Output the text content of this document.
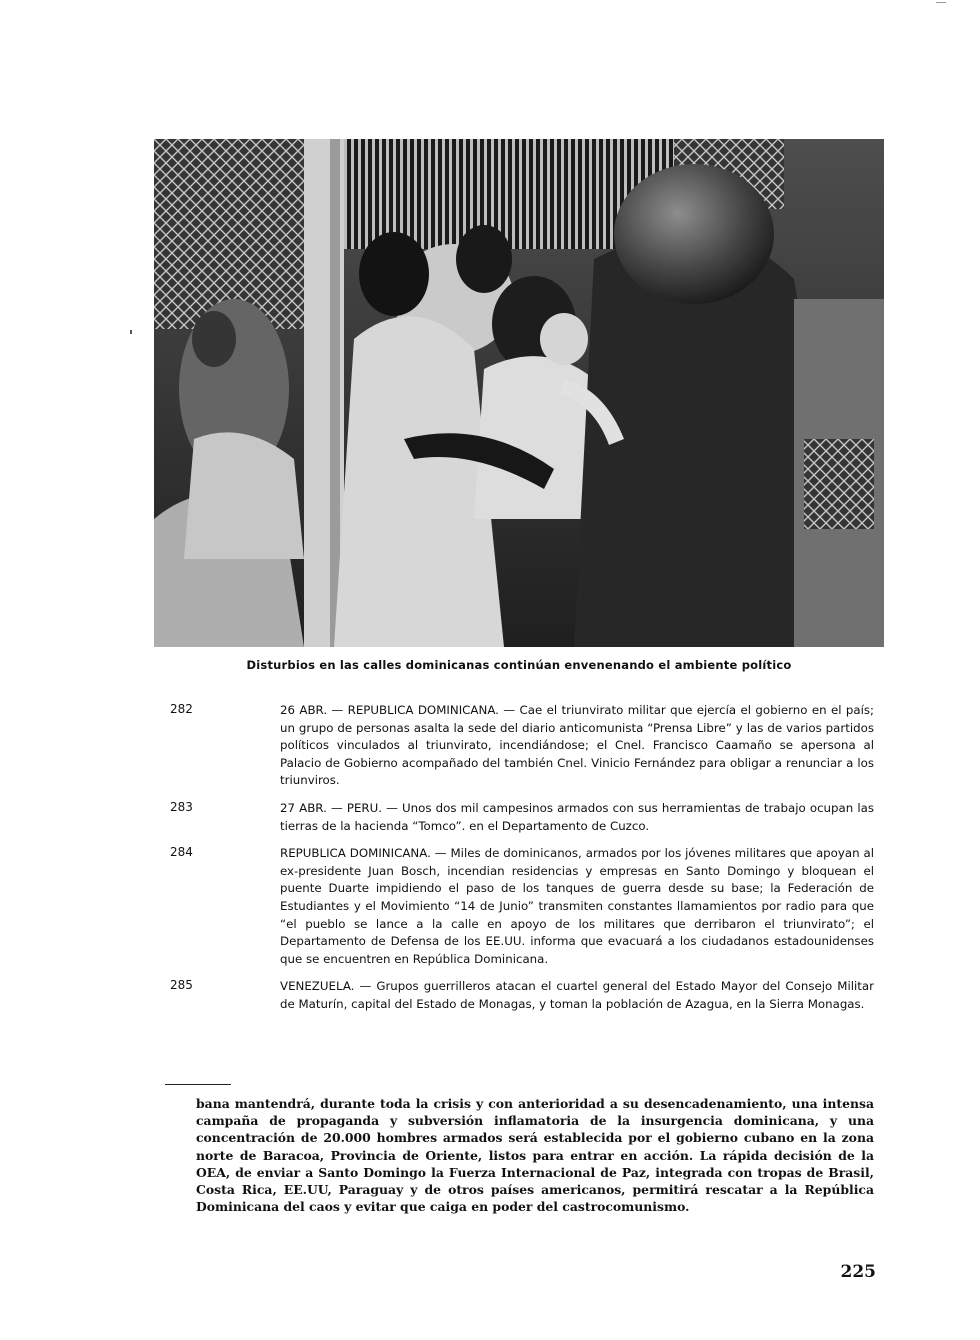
Disturbios en las calles dominicanas continúan envenenando el ambiente político
282	26 ABR. — REPUBLICA DOMINICANA. — Cae el triunvirato militar que ejercía el gobierno en el país; un grupo de personas asalta la sede del diario anticomunista “Prensa Libre” y las de varios partidos políticos vinculados al triunvirato, incendiándose; el Cnel. Francisco Caamaño se apersona al Palacio de Gobierno acompañado del también Cnel. Vinicio Fernández para obligar a renunciar a los triunviros.
283	27 ABR. — PERU. — Unos dos mil campesinos armados con sus herramientas de trabajo ocupan las tierras de la hacienda “Tomco”. en el Departamento de Cuzco.
284	REPUBLICA DOMINICANA. — Miles de dominicanos, armados por los jóvenes militares que apoyan al ex-presidente Juan Bosch, incendian residencias y empresas en Santo Domingo y bloquean el puente Duarte impidiendo el paso de los tanques de guerra desde su base; la Federación de Estudiantes y el Movimiento “14 de Junio” transmiten constantes llamamientos por radio para que “el pueblo se lance a la calle en apoyo de los militares que derribaron el triunvirato”; el Departamento de Defensa de los EE.UU. informa que evacuará a los ciudadanos estadounidenses que se encuentren en República Dominicana.
285	VENEZUELA. — Grupos guerrilleros atacan el cuartel general del Estado Mayor del Consejo Militar de Maturín, capital del Estado de Monagas, y toman la población de Azagua, en la Sierra Monagas.
bana mantendrá, durante toda la crisis y con anterioridad a su desencadenamiento, una intensa campaña de propaganda y subversión inflamatoria de la insurgencia dominicana, y una concentración de 20.000 hombres armados será establecida por el gobierno cubano en la zona norte de Baracoa, Provincia de Oriente, listos para entrar en acción. La rápida decisión de la OEA, de enviar a Santo Domingo la Fuerza Internacional de Paz, integrada con tropas de Brasil, Costa Rica, EE.UU, Paraguay y de otros países americanos, permitirá rescatar a la República Dominicana del caos y evitar que caiga en poder del castrocomunismo.
225
